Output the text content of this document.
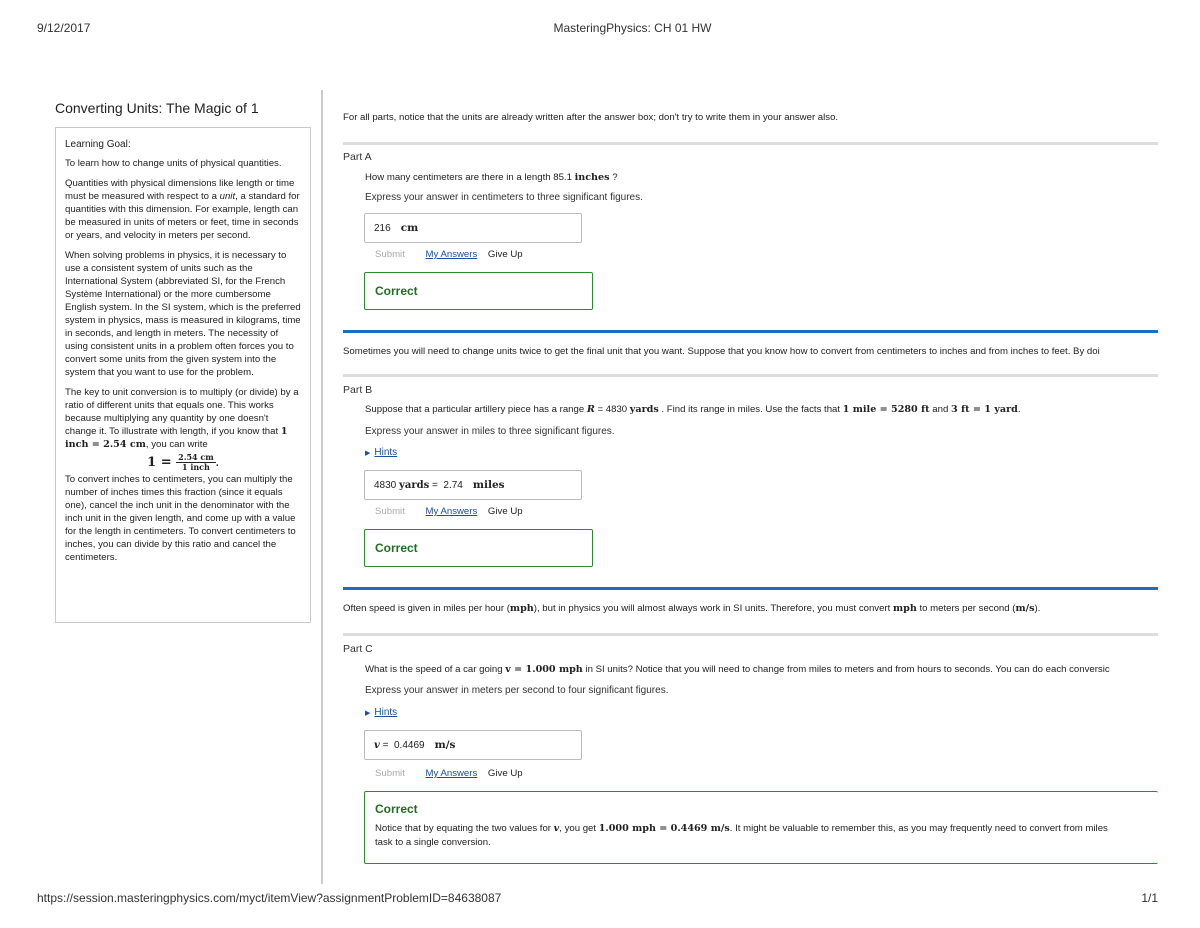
9/12/2017	MasteringPhysics: CH 01 HW
https://session.masteringphysics.com/myct/itemView?assignmentProblemID=84638087	1/1
Converting Units: The Magic of 1

Learning Goal:

To learn how to change units of physical quantities.

Quantities with physical dimensions like length or time must be measured with respect to a unit, a standard for quantities with this dimension. For example, length can be measured in units of meters or feet, time in seconds or years, and velocity in meters per second.

When solving problems in physics, it is necessary to use a consistent system of units such as the International System (abbreviated SI, for the French Système International) or the more cumbersome English system. In the SI system, which is the preferred system in physics, mass is measured in kilograms, time in seconds, and length in meters. The necessity of using consistent units in a problem often forces you to convert some units from the given system into the system that you want to use for the problem.

The key to unit conversion is to multiply (or divide) by a ratio of different units that equals one. This works because multiplying any quantity by one doesn't change it. To illustrate with length, if you know that 1 inch = 2.54 cm, you can write

$1 = \frac{2.54 cm}{\text{1 inch}}$ .

To convert inches to centimeters, you can multiply the number of inches times this fraction (since it equals one), cancel the inch unit in the denominator with the inch unit in the given length, and come up with a value for the length in centimeters. To convert centimeters to inches, you can divide by this ratio and cancel the centimeters.

For all parts, notice that the units are already written after the answer box; don't try to write them in your answer also.
Part A
How many centimeters are there in a length 85.1 inches ?
Express your answer in centimeters to three significant figures.
216 cm
Submit My Answers Give Up
Correct
Sometimes you will need to change units twice to get the final unit that you want. Suppose that you know how to convert from centimeters to inches and from inches to feet. By doi
Part B
Suppose that a particular artillery piece has a range R = 4830 yards . Find its range in miles. Use the facts that 1 mile = 5280 ft and 3 ft = 1 yard.
Express your answer in miles to three significant figures.
▶ Hints
4830 yards = 2.74 miles
Submit My Answers Give Up
Correct
Often speed is given in miles per hour (mph), but in physics you will almost always work in SI units. Therefore, you must convert mph to meters per second (m/s).
Part C
What is the speed of a car going v = 1.000 mph in SI units? Notice that you will need to change from miles to meters and from hours to seconds. You can do each conversic
Express your answer in meters per second to four significant figures.
▶ Hints
v = 0.4469 m/s
Submit My Answers Give Up
Correct
Notice that by equating the two values for v, you get 1.000 mph = 0.4469 m/s. It might be valuable to remember this, as you may frequently need to convert from miles
task to a single conversion.
